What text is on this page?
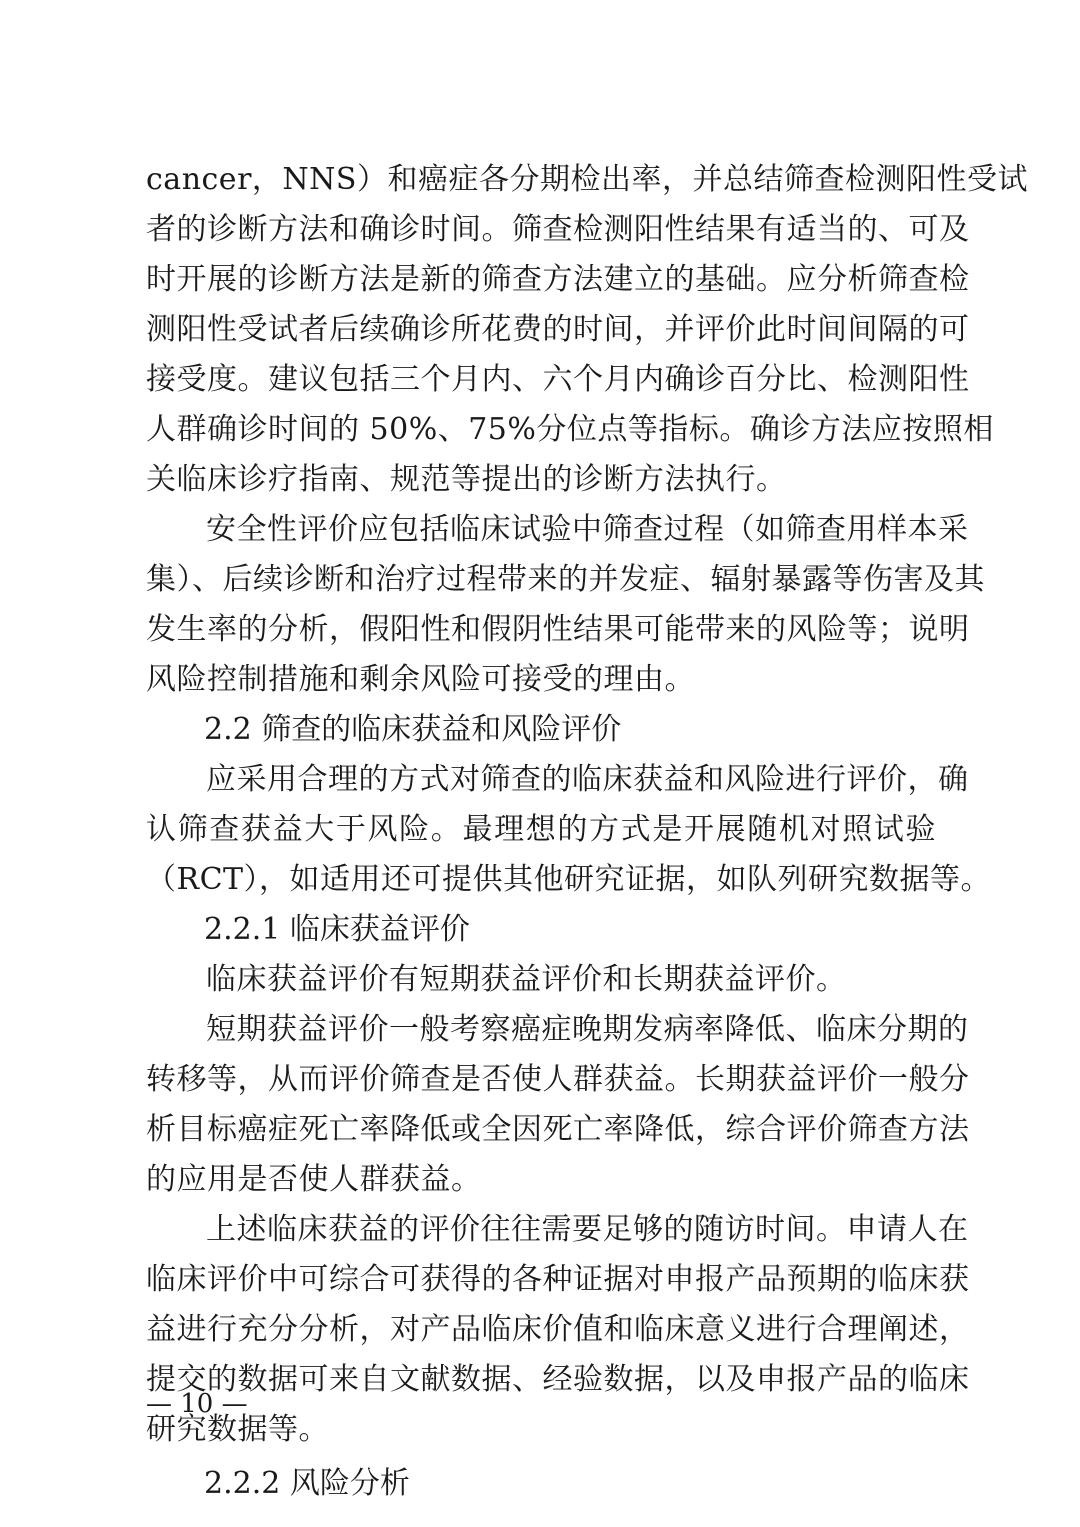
cancer，NNS）和癌症各分期检出率，并总结筛查检测阳性受试
者的诊断方法和确诊时间。筛查检测阳性结果有适当的、可及
时开展的诊断方法是新的筛查方法建立的基础。应分析筛查检
测阳性受试者后续确诊所花费的时间，并评价此时间间隔的可
接受度。建议包括三个月内、六个月内确诊百分比、检测阳性
人群确诊时间的 50%、75%分位点等指标。确诊方法应按照相
关临床诊疗指南、规范等提出的诊断方法执行。
安全性评价应包括临床试验中筛查过程（如筛查用样本采
集）、后续诊断和治疗过程带来的并发症、辐射暴露等伤害及其
发生率的分析，假阳性和假阴性结果可能带来的风险等；说明
风险控制措施和剩余风险可接受的理由。
2.2 筛查的临床获益和风险评价
应采用合理的方式对筛查的临床获益和风险进行评价，确
认筛查获益大于风险。最理想的方式是开展随机对照试验
（RCT），如适用还可提供其他研究证据，如队列研究数据等。
2.2.1 临床获益评价
临床获益评价有短期获益评价和长期获益评价。
短期获益评价一般考察癌症晚期发病率降低、临床分期的
转移等，从而评价筛查是否使人群获益。长期获益评价一般分
析目标癌症死亡率降低或全因死亡率降低，综合评价筛查方法
的应用是否使人群获益。
上述临床获益的评价往往需要足够的随访时间。申请人在
临床评价中可综合可获得的各种证据对申报产品预期的临床获
益进行充分分析，对产品临床价值和临床意义进行合理阐述，
提交的数据可来自文献数据、经验数据，以及申报产品的临床
研究数据等。
2.2.2 风险分析
— 10 —
